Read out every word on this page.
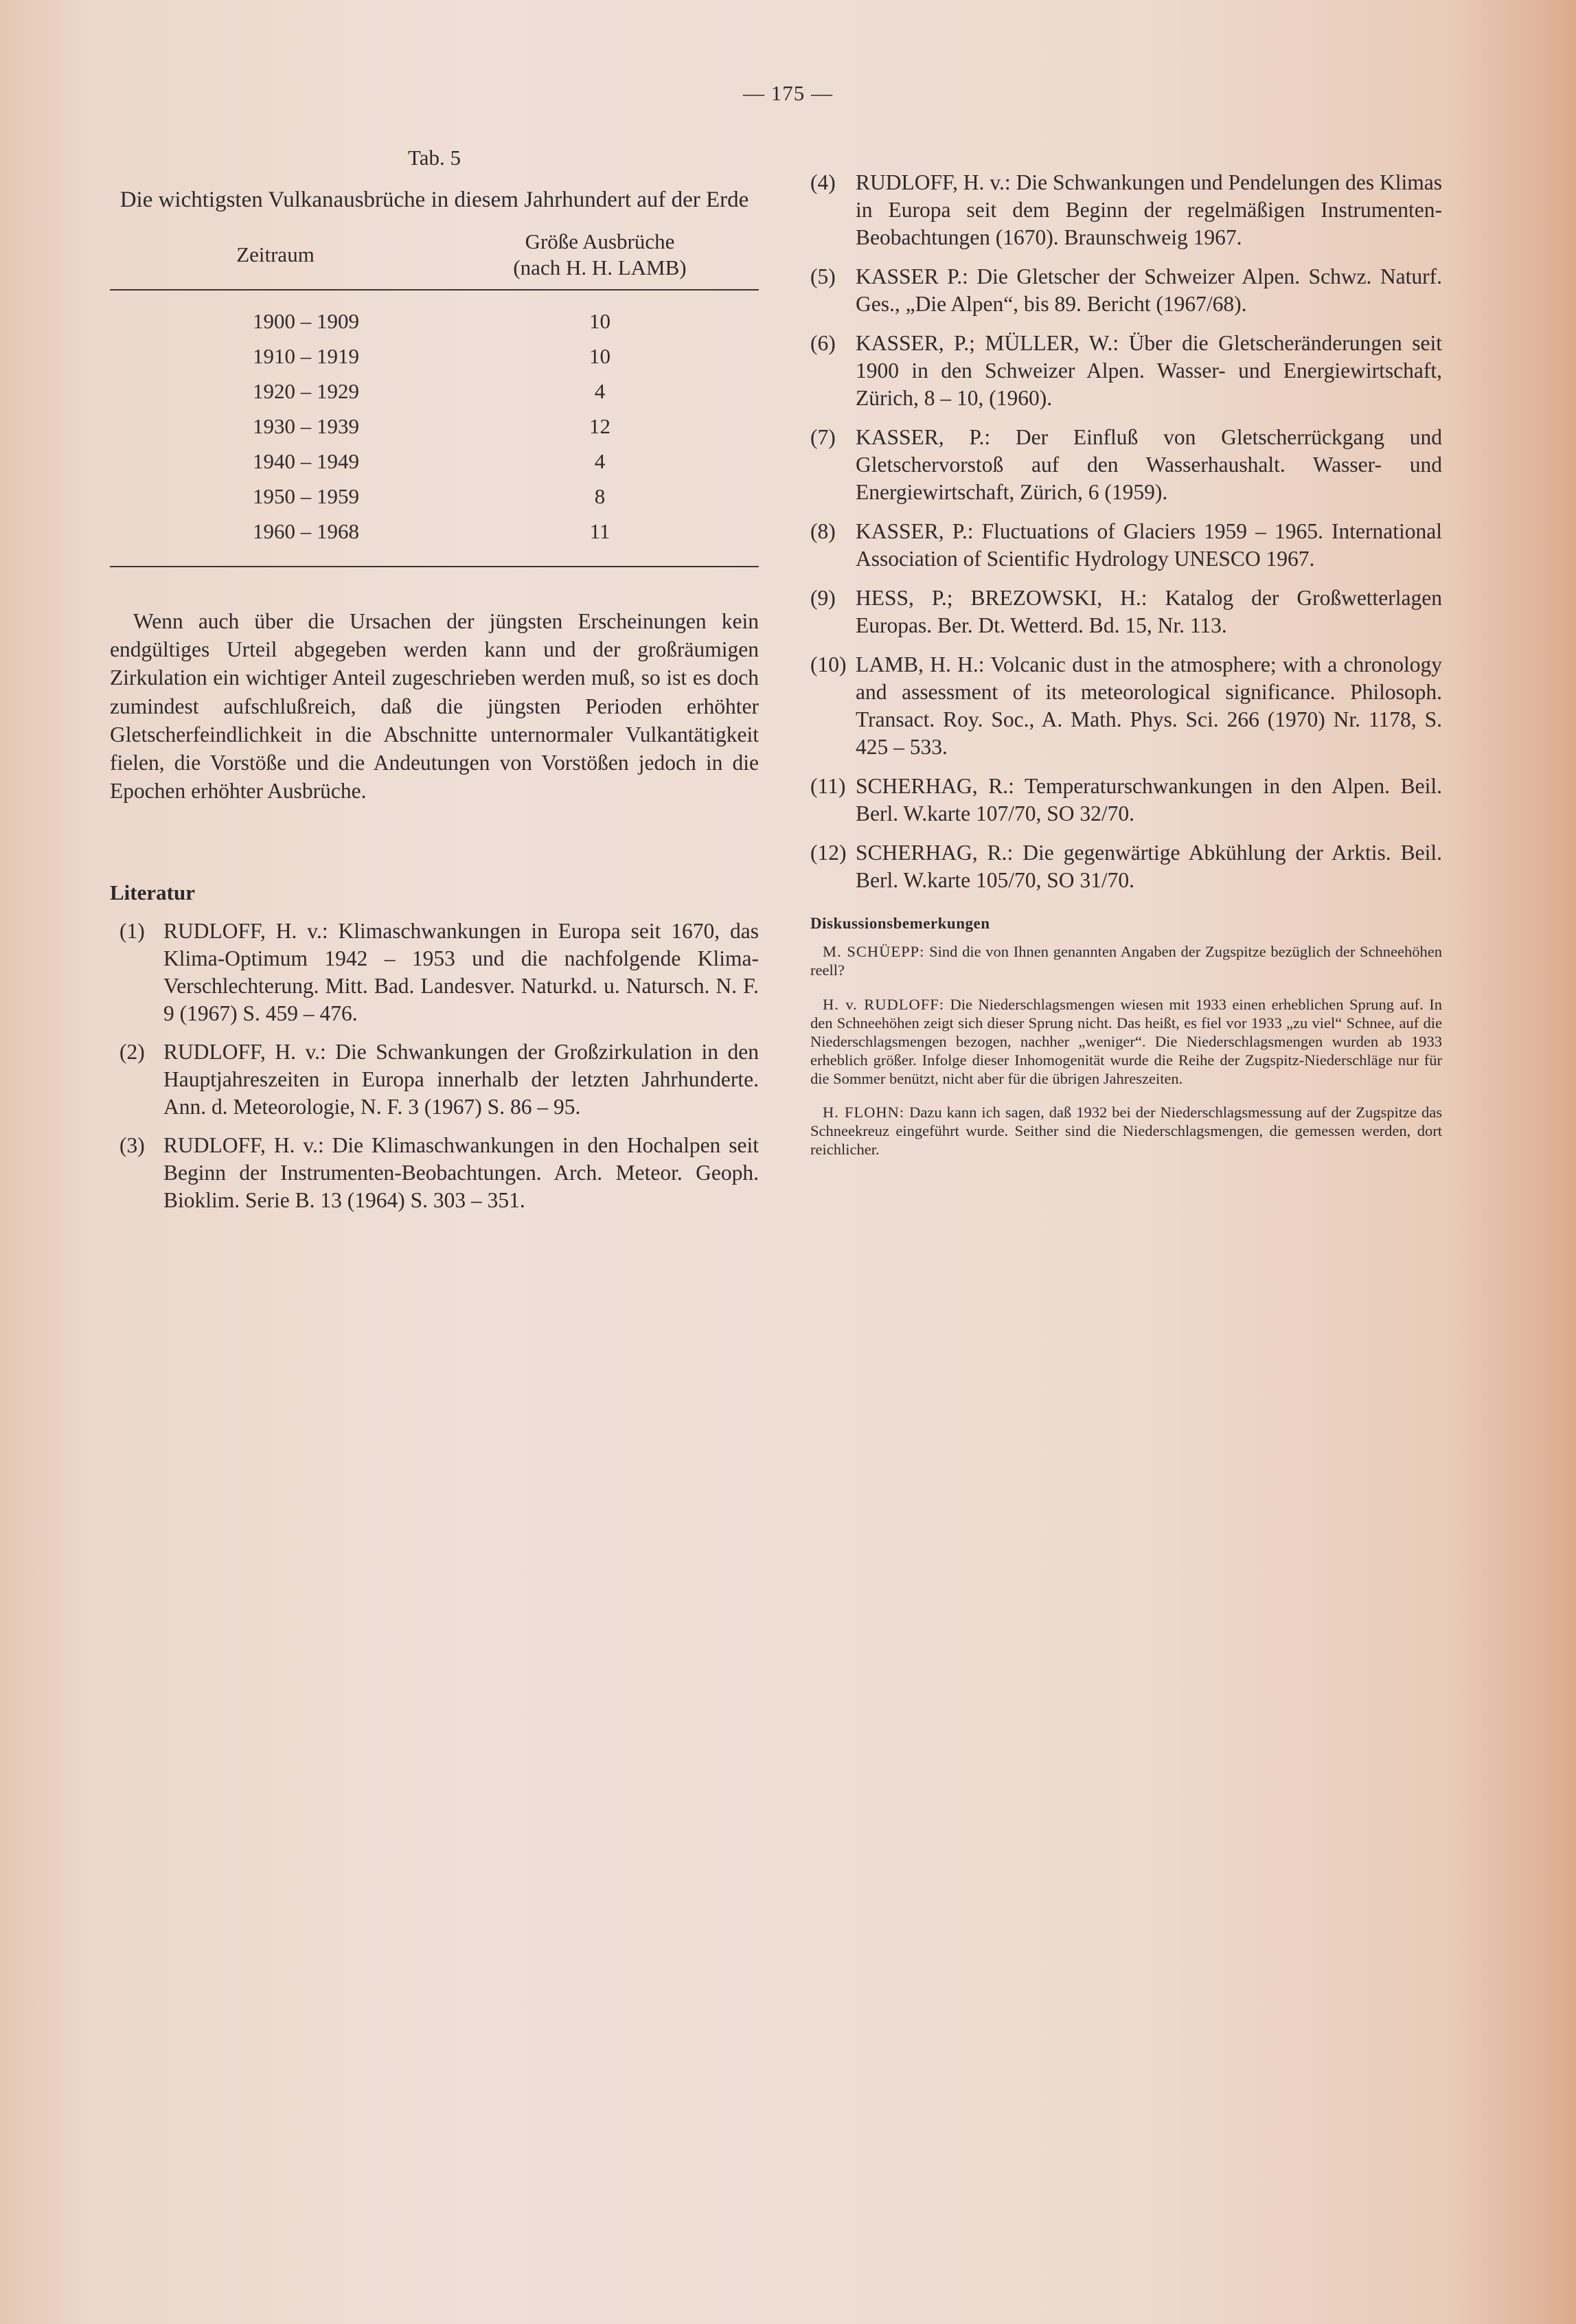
— 175 —
Tab. 5
Die wichtigsten Vulkanausbrüche in diesem Jahrhundert auf der Erde
Zeitraum	Größe Ausbrüche
(nach H. H. LAMB)

1900 – 1909	10
1910 – 1919	10
1920 – 1929	4
1930 – 1939	12
1940 – 1949	4
1950 – 1959	8
1960 – 1968	11

Wenn auch über die Ursachen der jüngsten Erscheinungen kein endgültiges Urteil abgegeben werden kann und der großräumigen Zirkulation ein wichtiger Anteil zugeschrieben werden muß, so ist es doch zumindest aufschlußreich, daß die jüngsten Perioden erhöhter Gletscherfeindlichkeit in die Abschnitte unternormaler Vulkantätigkeit fielen, die Vorstöße und die Andeutungen von Vorstößen jedoch in die Epochen erhöhter Ausbrüche.

Literatur
(1) RUDLOFF, H. v.: Klimaschwankungen in Europa seit 1670, das Klima-Optimum 1942 – 1953 und die nachfolgende Klima-Verschlechterung. Mitt. Bad. Landesver. Naturkd. u. Natursch. N. F. 9 (1967) S. 459 – 476.
(2) RUDLOFF, H. v.: Die Schwankungen der Großzirkulation in den Hauptjahreszeiten in Europa innerhalb der letzten Jahrhunderte. Ann. d. Meteorologie, N. F. 3 (1967) S. 86 – 95.
(3) RUDLOFF, H. v.: Die Klimaschwankungen in den Hochalpen seit Beginn der Instrumenten-Beobachtungen. Arch. Meteor. Geoph. Bioklim. Serie B. 13 (1964) S. 303 – 351.
(4) RUDLOFF, H. v.: Die Schwankungen und Pendelungen des Klimas in Europa seit dem Beginn der regelmäßigen Instrumenten-Beobachtungen (1670). Braunschweig 1967.
(5) KASSER P.: Die Gletscher der Schweizer Alpen. Schwz. Naturf. Ges., „Die Alpen“, bis 89. Bericht (1967/68).
(6) KASSER, P.; MÜLLER, W.: Über die Gletscheränderungen seit 1900 in den Schweizer Alpen. Wasser- und Energiewirtschaft, Zürich, 8 – 10, (1960).
(7) KASSER, P.: Der Einfluß von Gletscherrückgang und Gletschervorstoß auf den Wasserhaushalt. Wasser- und Energiewirtschaft, Zürich, 6 (1959).
(8) KASSER, P.: Fluctuations of Glaciers 1959 – 1965. International Association of Scientific Hydrology UNESCO 1967.
(9) HESS, P.; BREZOWSKI, H.: Katalog der Großwetterlagen Europas. Ber. Dt. Wetterd. Bd. 15, Nr. 113.
(10) LAMB, H. H.: Volcanic dust in the atmosphere; with a chronology and assessment of its meteorological significance. Philosoph. Transact. Roy. Soc., A. Math. Phys. Sci. 266 (1970) Nr. 1178, S. 425 – 533.
(11) SCHERHAG, R.: Temperaturschwankungen in den Alpen. Beil. Berl. W.karte 107/70, SO 32/70.
(12) SCHERHAG, R.: Die gegenwärtige Abkühlung der Arktis. Beil. Berl. W.karte 105/70, SO 31/70.
Diskussionsbemerkungen

M. SCHÜEPP: Sind die von Ihnen genannten Angaben der Zugspitze bezüglich der Schneehöhen reell?

H. v. RUDLOFF: Die Niederschlagsmengen wiesen mit 1933 einen erheblichen Sprung auf. In den Schneehöhen zeigt sich dieser Sprung nicht. Das heißt, es fiel vor 1933 „zu viel“ Schnee, auf die Niederschlagsmengen bezogen, nachher „weniger“. Die Niederschlagsmengen wurden ab 1933 erheblich größer. Infolge dieser Inhomogenität wurde die Reihe der Zugspitz-Niederschläge nur für die Sommer benützt, nicht aber für die übrigen Jahreszeiten.

H. FLOHN: Dazu kann ich sagen, daß 1932 bei der Niederschlagsmessung auf der Zugspitze das Schneekreuz eingeführt wurde. Seither sind die Niederschlagsmengen, die gemessen werden, dort reichlicher.
